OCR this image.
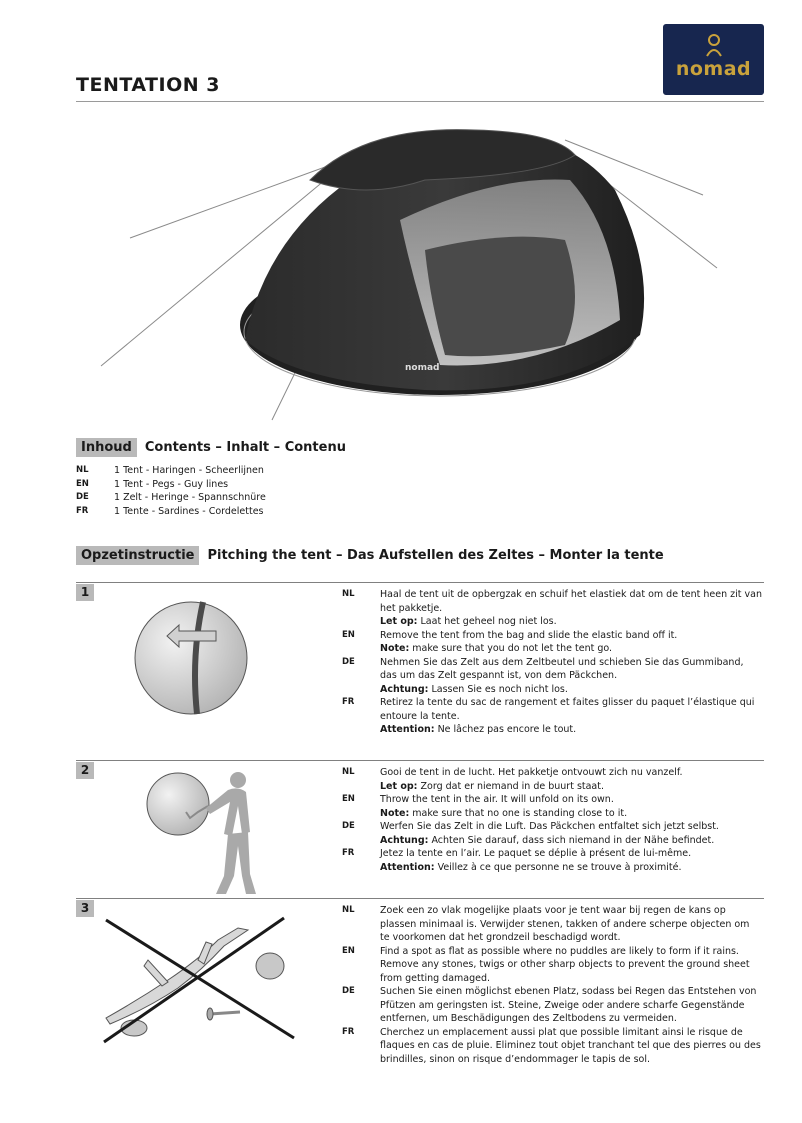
TENTATION 3
nomad
nomad
Inhoud	Contents – Inhalt – Contenu
NL	1 Tent - Haringen - Scheerlijnen
EN	1 Tent - Pegs - Guy lines
DE	1 Zelt - Heringe - Spannschnüre
FR	1 Tente - Sardines - Cordelettes
Opzetinstructie	Pitching the tent – Das Aufstellen des Zeltes – Monter la tente
1	NL	Haal de tent uit de opbergzak en schuif het elastiek dat om de tent heen zit van het pakketje.
Let op: Laat het geheel nog niet los.
EN	Remove the tent from the bag and slide the elastic band off it.
Note: make sure that you do not let the tent go.
DE	Nehmen Sie das Zelt aus dem Zeltbeutel und schieben Sie das Gummiband, das um das Zelt gespannt ist, von dem Päckchen.
Achtung: Lassen Sie es noch nicht los.
FR	Retirez la tente du sac de rangement et faites glisser du paquet l’élastique qui entoure la tente.
Attention: Ne lâchez pas encore le tout.
2	NL	Gooi de tent in de lucht. Het pakketje ontvouwt zich nu vanzelf.
Let op: Zorg dat er niemand in de buurt staat.
EN	Throw the tent in the air. It will unfold on its own.
Note: make sure that no one is standing close to it.
DE	Werfen Sie das Zelt in die Luft. Das Päckchen entfaltet sich jetzt selbst.
Achtung: Achten Sie darauf, dass sich niemand in der Nähe befindet.
FR	Jetez la tente en l’air. Le paquet se déplie à présent de lui-même.
Attention: Veillez à ce que personne ne se trouve à proximité.
3	NL	Zoek een zo vlak mogelijke plaats voor je tent waar bij regen de kans op plassen minimaal is. Verwijder stenen, takken of andere scherpe objecten om te voorkomen dat het grondzeil beschadigd wordt.
EN	Find a spot as flat as possible where no puddles are likely to form if it rains. Remove any stones, twigs or other sharp objects to prevent the ground sheet from getting damaged.
DE	Suchen Sie einen möglichst ebenen Platz, sodass bei Regen das Entstehen von Pfützen am geringsten ist. Steine, Zweige oder andere scharfe Gegenstände entfernen, um Beschädigungen des Zeltbodens zu vermeiden.
FR	Cherchez un emplacement aussi plat que possible limitant ainsi le risque de flaques en cas de pluie. Eliminez tout objet tranchant tel que des pierres ou des brindilles, sinon on risque d’endommager le tapis de sol.
